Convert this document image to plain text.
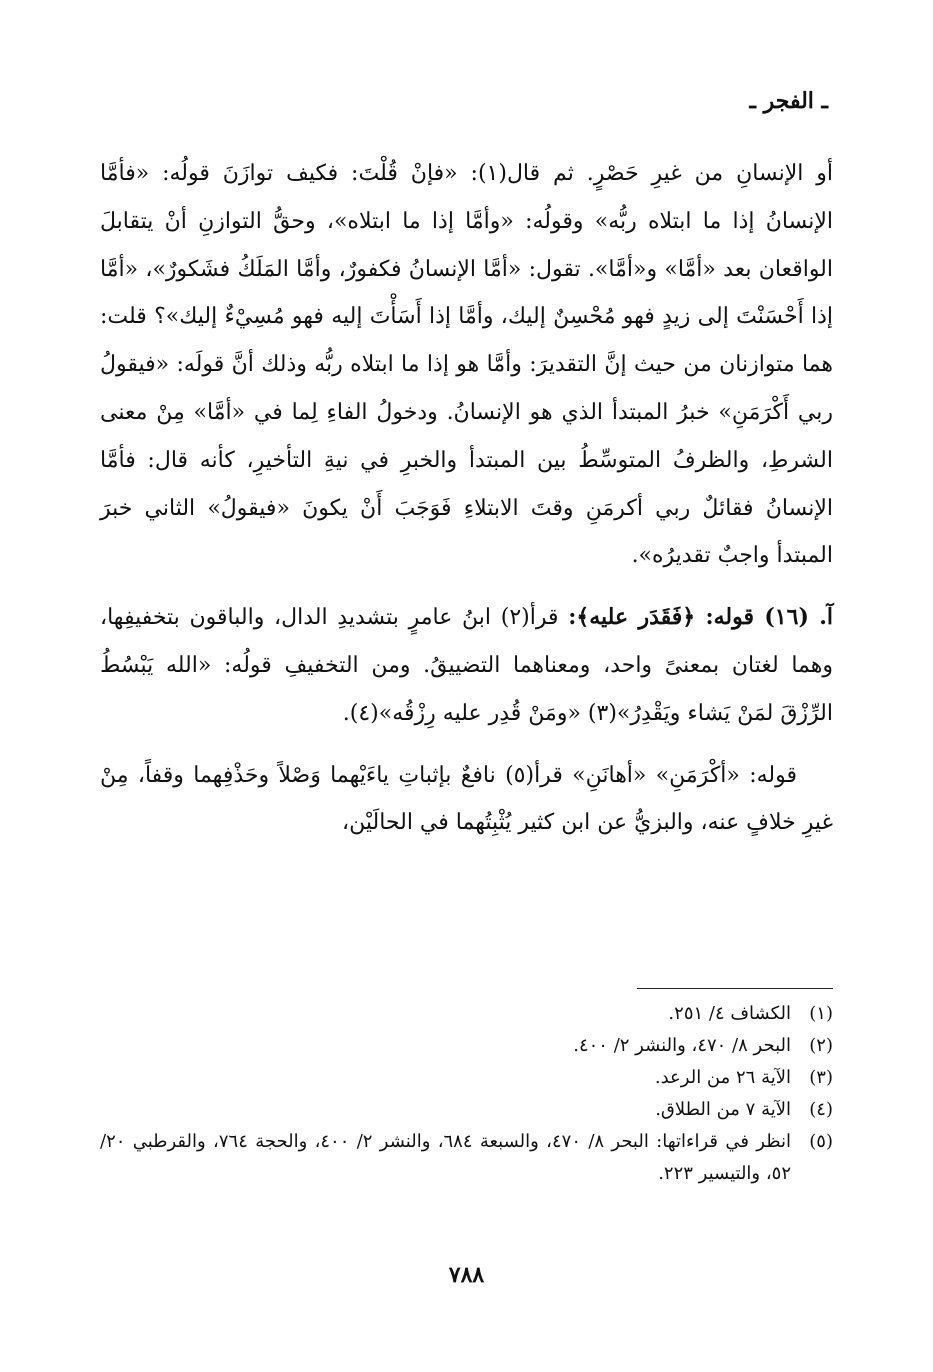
ـ الفجر ـ

أو الإنسانِ من غيرِ حَصْرٍ. ثم قال(١): «فإنْ قُلْتَ: فكيف توازَنَ قولُه: «فأمَّا الإنسانُ إذا ما ابتلاه ربُّه» وقولُه: «وأمَّا إذا ما ابتلاه»، وحقُّ التوازنِ أنْ يتقابلَ الواقعان بعد «أمَّا» و«أمَّا». تقول: «أمَّا الإنسانُ فكفورٌ، وأمَّا المَلَكُ فشَكورٌ»، «أمَّا إذا أَحْسَنْتَ إلى زيدٍ فهو مُحْسِنٌ إليك، وأمَّا إذا أَسَأْتَ إليه فهو مُسِيْءٌ إليك»؟ قلت: هما متوازنان من حيث إنَّ التقديرَ: وأمَّا هو إذا ما ابتلاه ربُّه وذلك أنَّ قولَه: «فيقولُ ربي أَكْرَمَنِ» خبرُ المبتدأ الذي هو الإنسانُ. ودخولُ الفاءِ لِما في «أمَّا» مِنْ معنى الشرطِ، والظرفُ المتوسِّطُ بين المبتدأ والخبرِ في نيةِ التأخيرِ، كأنه قال: فأمَّا الإنسانُ فقائلٌ ربي أكرمَنِ وقتَ الابتلاءِ فَوَجَبَ أَنْ يكونَ «فيقولُ» الثاني خبرَ المبتدأ واجبٌ تقديرُه».

آ. (١٦) قوله: ﴿فَقَدَر عليه﴾: قرأ(٢) ابنُ عامرٍ بتشديدِ الدال، والباقون بتخفيفِها، وهما لغتان بمعنىً واحد، ومعناهما التضييقُ. ومن التخفيفِ قولُه: «الله يَبْسُطُ الرِّزْقَ لمَنْ يَشاء ويَقْدِرُ»(٣) «ومَنْ قُدِر عليه رِزْقُه»(٤).

قوله: «أكْرَمَنِ» «أهانَنِ» قرأ(٥) نافعٌ بإثباتِ ياءَيْهما وَصْلاً وحَذْفِهما وقفاً، مِنْ غيرِ خلافٍ عنه، والبزيُّ عن ابن كثير يُثْبِتُهما في الحالَيْن،

(١)
الكشاف ٤/ ٢٥١.

(٢)
البحر ٨/ ٤٧٠، والنشر ٢/ ٤٠٠.

(٣)
الآية ٢٦ من الرعد.

(٤)
الآية ٧ من الطلاق.

(٥)
انظر في قراءاتها: البحر ٨/ ٤٧٠، والسبعة ٦٨٤، والنشر ٢/ ٤٠٠، والحجة ٧٦٤، والقرطبي ٢٠/ ٥٢، والتيسير ٢٢٣.

٧٨٨
